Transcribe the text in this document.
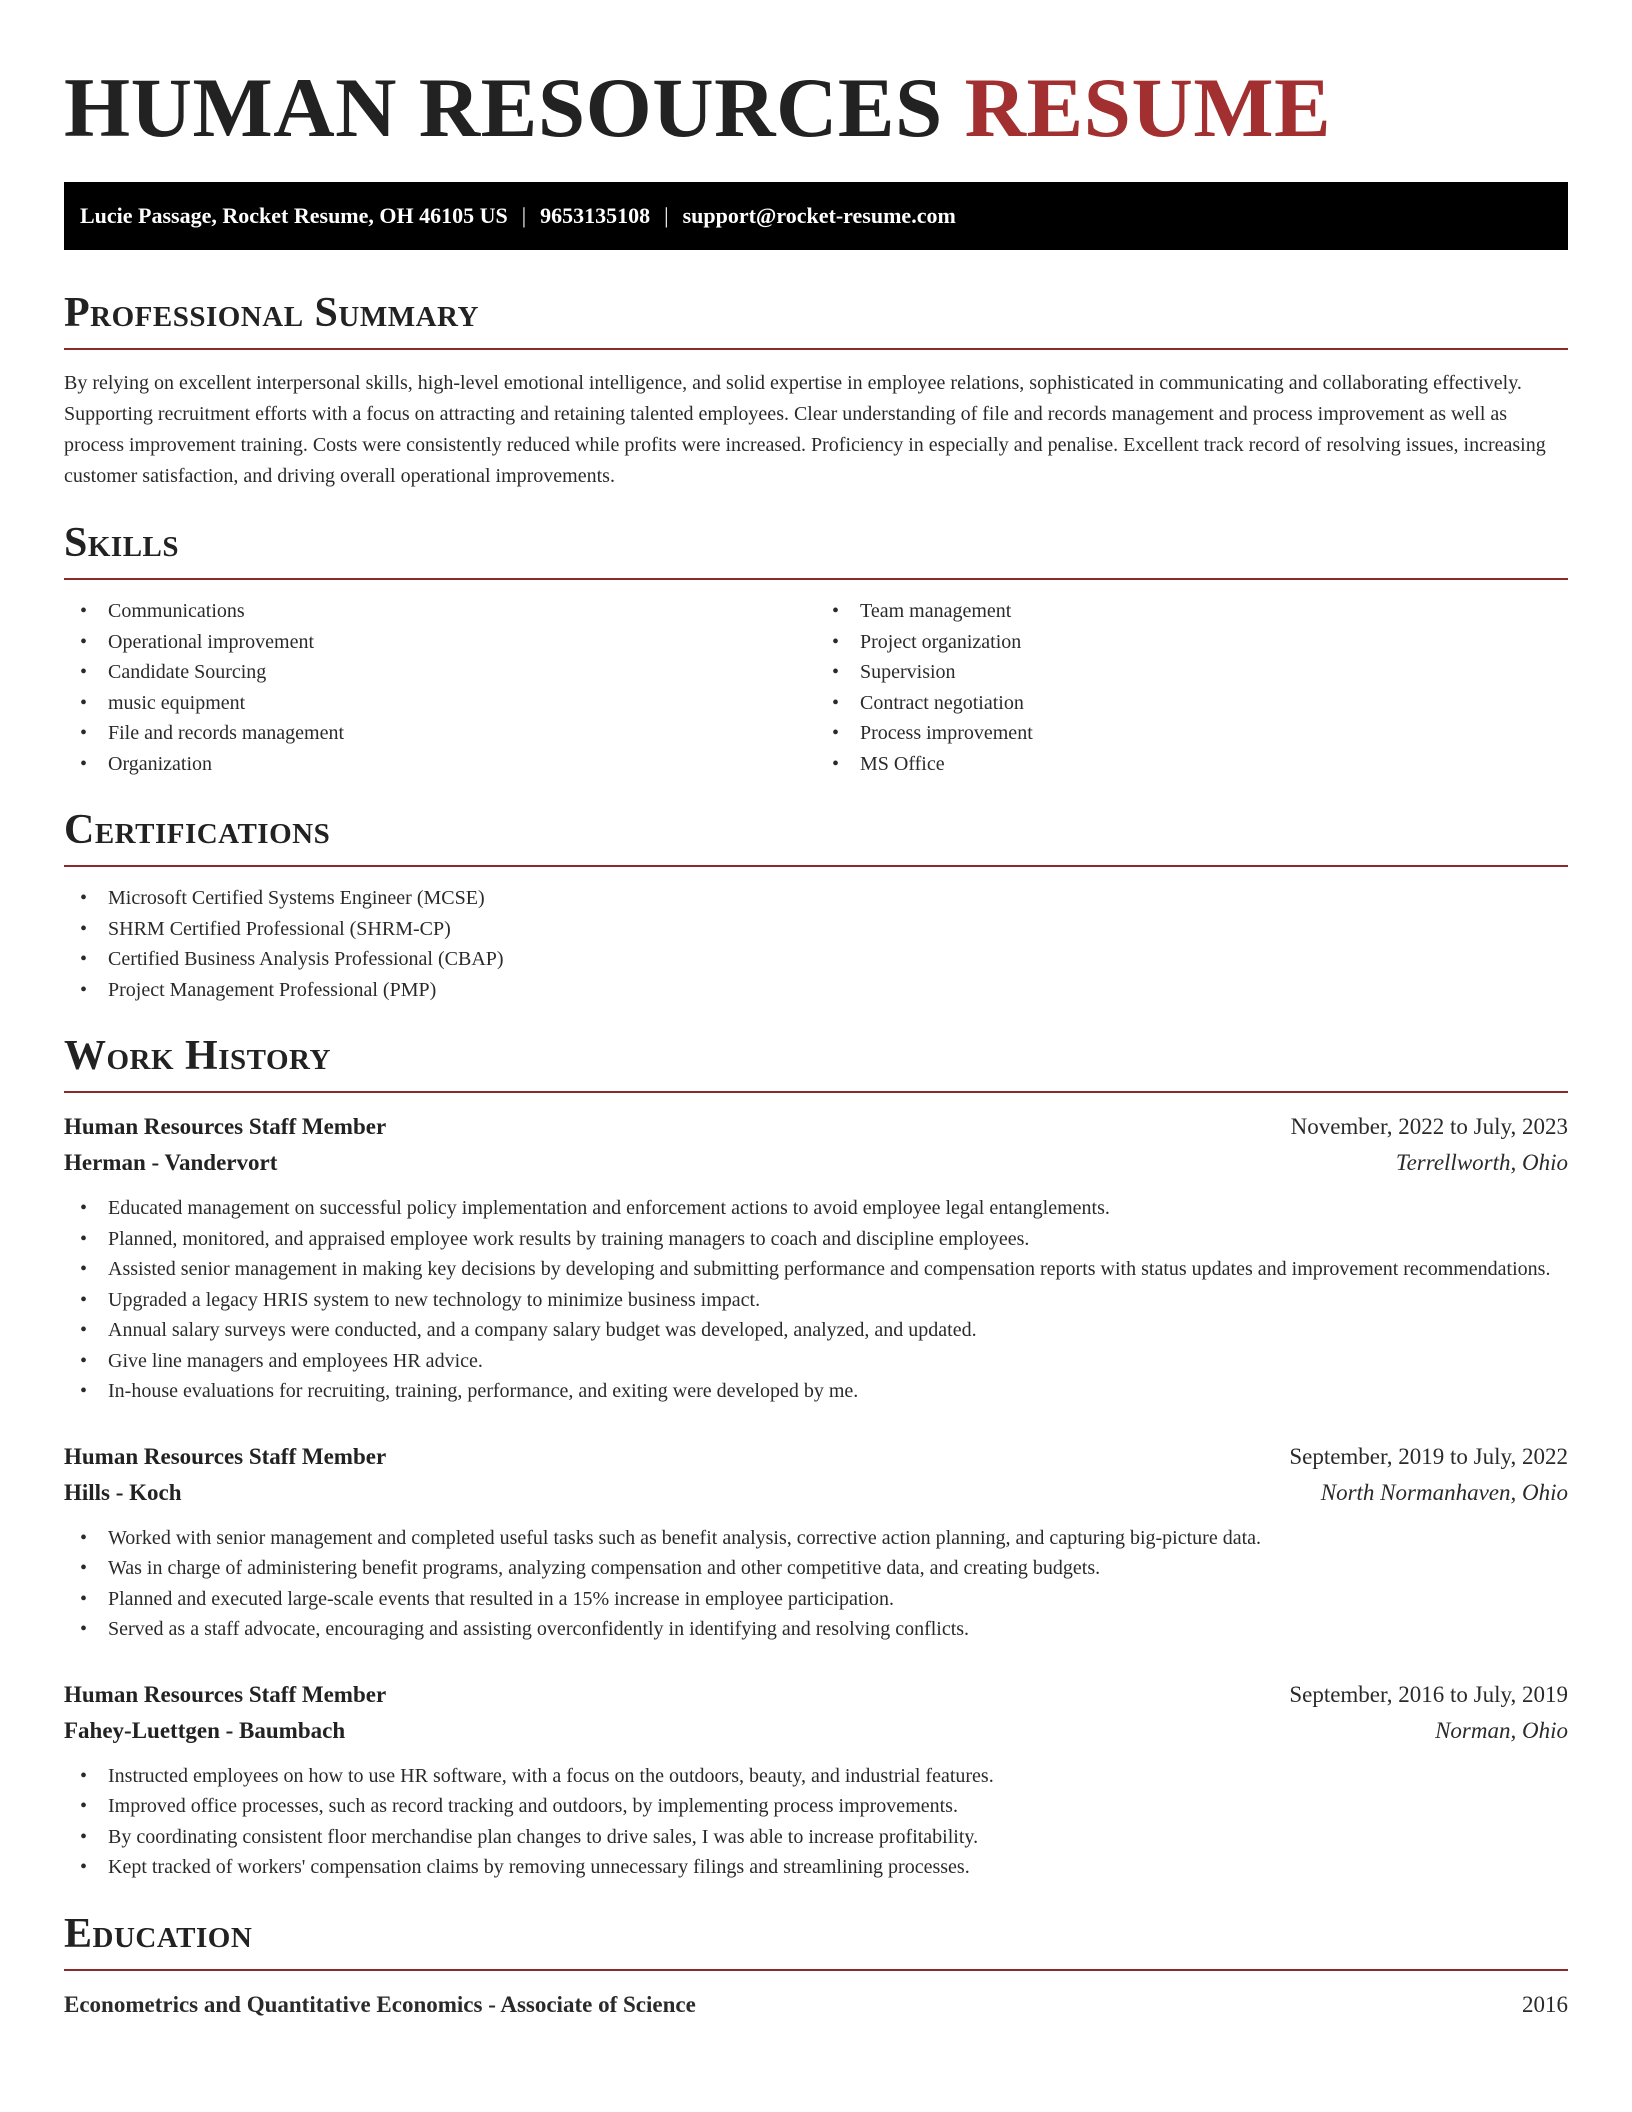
HUMAN RESOURCES RESUME
Lucie Passage, Rocket Resume, OH 46105 US | 9653135108 | support@rocket-resume.com
Professional Summary

By relying on excellent interpersonal skills, high-level emotional intelligence, and solid expertise in employee relations, sophisticated in communicating and collaborating effectively. Supporting recruitment efforts with a focus on attracting and retaining talented employees. Clear understanding of file and records management and process improvement as well as process improvement training. Costs were consistently reduced while profits were increased. Proficiency in especially and penalise. Excellent track record of resolving issues, increasing customer satisfaction, and driving overall operational improvements.

Skills
• Communications
• Operational improvement
• Candidate Sourcing
• music equipment
• File and records management
• Organization
• Team management
• Project organization
• Supervision
• Contract negotiation
• Process improvement
• MS Office
Certifications
• Microsoft Certified Systems Engineer (MCSE)
• SHRM Certified Professional (SHRM-CP)
• Certified Business Analysis Professional (CBAP)
• Project Management Professional (PMP)
Work History
Human Resources Staff Member	November, 2022 to July, 2023
Herman - Vandervort	Terrellworth, Ohio
• Educated management on successful policy implementation and enforcement actions to avoid employee legal entanglements.
• Planned, monitored, and appraised employee work results by training managers to coach and discipline employees.
• Assisted senior management in making key decisions by developing and submitting performance and compensation reports with status updates and improvement recommendations.
• Upgraded a legacy HRIS system to new technology to minimize business impact.
• Annual salary surveys were conducted, and a company salary budget was developed, analyzed, and updated.
• Give line managers and employees HR advice.
• In-house evaluations for recruiting, training, performance, and exiting were developed by me.
Human Resources Staff Member	September, 2019 to July, 2022
Hills - Koch	North Normanhaven, Ohio
• Worked with senior management and completed useful tasks such as benefit analysis, corrective action planning, and capturing big-picture data.
• Was in charge of administering benefit programs, analyzing compensation and other competitive data, and creating budgets.
• Planned and executed large-scale events that resulted in a 15% increase in employee participation.
• Served as a staff advocate, encouraging and assisting overconfidently in identifying and resolving conflicts.
Human Resources Staff Member	September, 2016 to July, 2019
Fahey-Luettgen - Baumbach	Norman, Ohio
• Instructed employees on how to use HR software, with a focus on the outdoors, beauty, and industrial features.
• Improved office processes, such as record tracking and outdoors, by implementing process improvements.
• By coordinating consistent floor merchandise plan changes to drive sales, I was able to increase profitability.
• Kept tracked of workers' compensation claims by removing unnecessary filings and streamlining processes.
Education
Econometrics and Quantitative Economics - Associate of Science	2016
